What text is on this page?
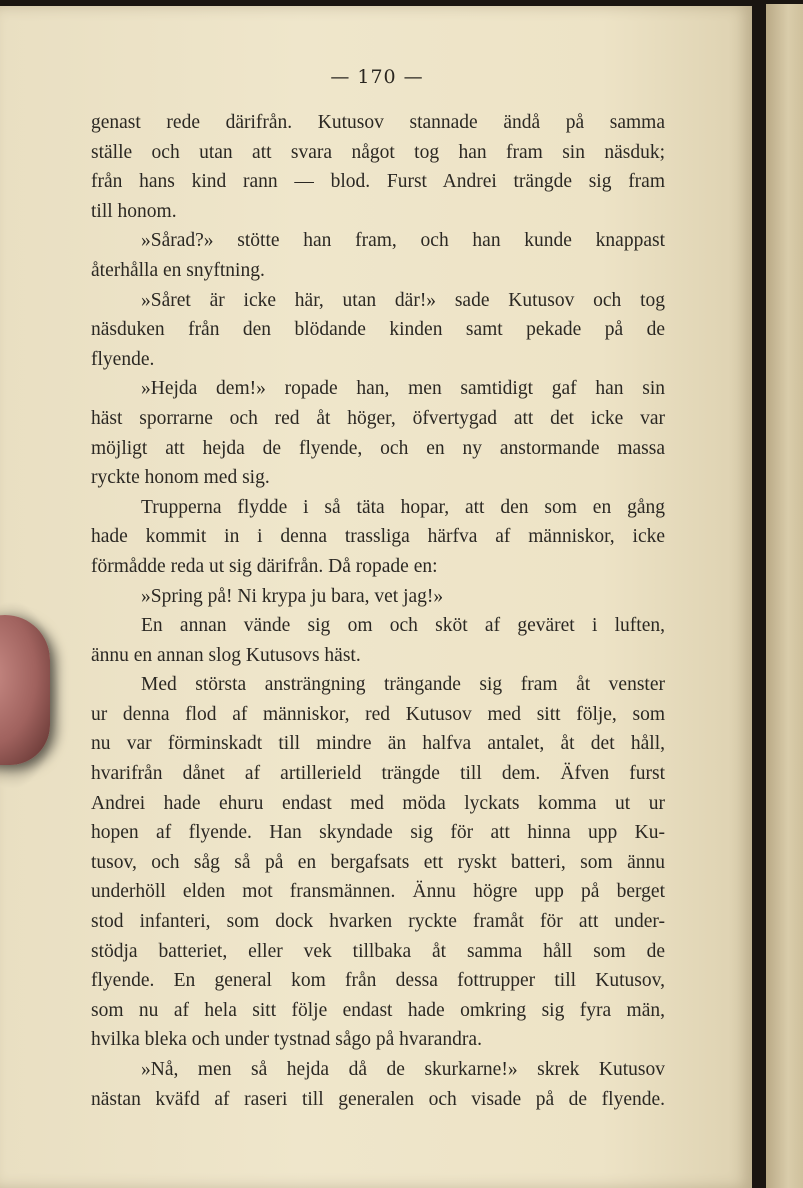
— 170 —
genast rede därifrån. Kutusov stannade ändå på samma
ställe och utan att svara något tog han fram sin näsduk;
från hans kind rann — blod. Furst Andrei trängde sig fram
till honom.
»Sårad?» stötte han fram, och han kunde knappast
återhålla en snyftning.
»Såret är icke här, utan där!» sade Kutusov och tog
näsduken från den blödande kinden samt pekade på de
flyende.
»Hejda dem!» ropade han, men samtidigt gaf han sin
häst sporrarne och red åt höger, öfvertygad att det icke var
möjligt att hejda de flyende, och en ny anstormande massa
ryckte honom med sig.
Trupperna flydde i så täta hopar, att den som en gång
hade kommit in i denna trassliga härfva af människor, icke
förmådde reda ut sig därifrån. Då ropade en:
»Spring på! Ni krypa ju bara, vet jag!»
En annan vände sig om och sköt af geväret i luften,
ännu en annan slog Kutusovs häst.
Med största ansträngning trängande sig fram åt venster
ur denna flod af människor, red Kutusov med sitt följe, som
nu var förminskadt till mindre än halfva antalet, åt det håll,
hvarifrån dånet af artillerield trängde till dem. Äfven furst
Andrei hade ehuru endast med möda lyckats komma ut ur
hopen af flyende. Han skyndade sig för att hinna upp Ku-
tusov, och såg så på en bergafsats ett ryskt batteri, som ännu
underhöll elden mot fransmännen. Ännu högre upp på berget
stod infanteri, som dock hvarken ryckte framåt för att under-
stödja batteriet, eller vek tillbaka åt samma håll som de
flyende. En general kom från dessa fottrupper till Kutusov,
som nu af hela sitt följe endast hade omkring sig fyra män,
hvilka bleka och under tystnad sågo på hvarandra.
»Nå, men så hejda då de skurkarne!» skrek Kutusov
nästan kväfd af raseri till generalen och visade på de flyende.
